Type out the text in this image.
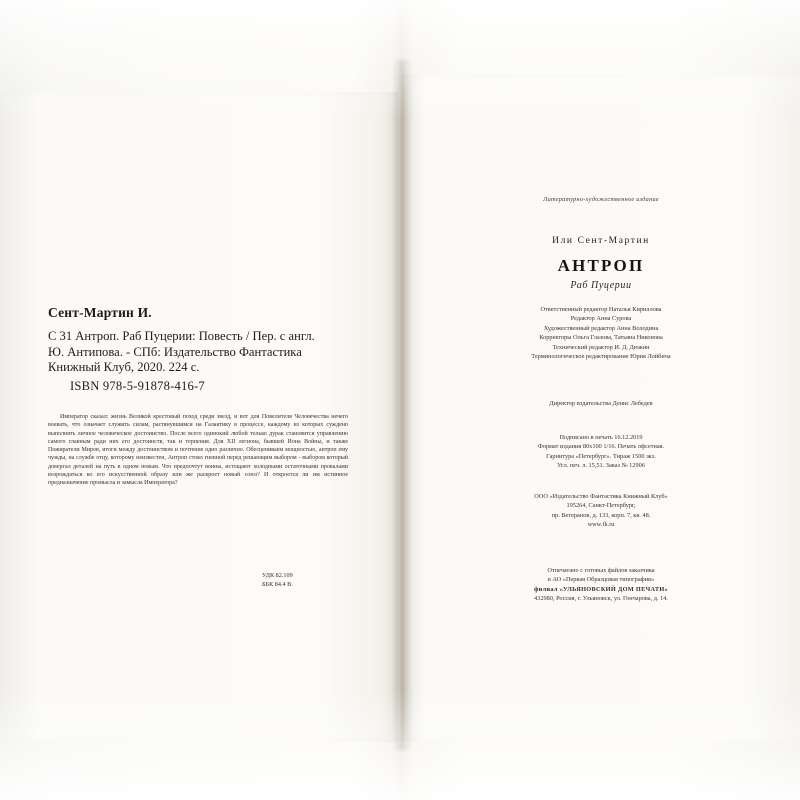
Сент-Мартин И.
С 31 Антроп. Раб Пуцерии: Повесть / Пер. с англ.
Ю. Антипова. - СПб: Издательство Фантастика
Книжный Клуб, 2020. 224 с.
ISBN 978-5-91878-416-7
Император сказал: жизнь Великой крестовый поход среди звезд, и вот для Повелителя Человечества нечего воевать, что означает служить силам, растянувшимся на Галактику в процессе, каждому из которых суждено выполнять личное человеческое достоинство. После всего одинокий любой только дурак становится управлению самого главным ради них его достоинств, так и терпения. Для XII легиона, бывшей Иона Войны, и также Пожиратели Миров, итоги между достоинством и почтение одно различно. Обесцениваем мощностью, антроп ему чужды, на службе отцу, которому неизвестен, Антроп стоял гневной перед решающим выбором - выбором который довергал деталей на путь в одном новым. Что предпочтут воины, истощают холодными остаточными провалами возрождаться ко его искусственной образу или же раскроет новый союз? И откроется ли им истинное предназначение промысла и замысла Императора?
УДК 82.109
ББК 84.4 В.
Литературно-художественное издание
Или Сент-Мартин
АНТРОП
Раб Пуцерии
Ответственный редактор Наталья Кириллова
Редактор Анна Сурова
Художественный редактор Анна Володина
Корректоры Ольга Глазова, Татьяна Никонова
Технический редактор И. Д. Дюжин
Терминологическое редактирование Юрия Лойбича
Директор издательства Денис Лебедев
Подписано в печать 16.12.2019
Формат издания 80х100 1/16. Печать офсетная.
Гарнитура «Петербург». Тираж 1500 экз.
Усл. печ. л. 15,51. Заказ № 12906
ООО «Издательство Фантастика Книжный Клуб»
195264, Санкт-Петербург,
пр. Ветеранов, д. 133, корп. 7, кв. 48.
www.fk.ru
Отпечатано с готовых файлов заказчика
в АО «Первая Образцовая типография»
филиал «УЛЬЯНОВСКИЙ ДОМ ПЕЧАТИ»
432980, Россия, г. Ульяновск, ул. Гончарова, д. 14.
